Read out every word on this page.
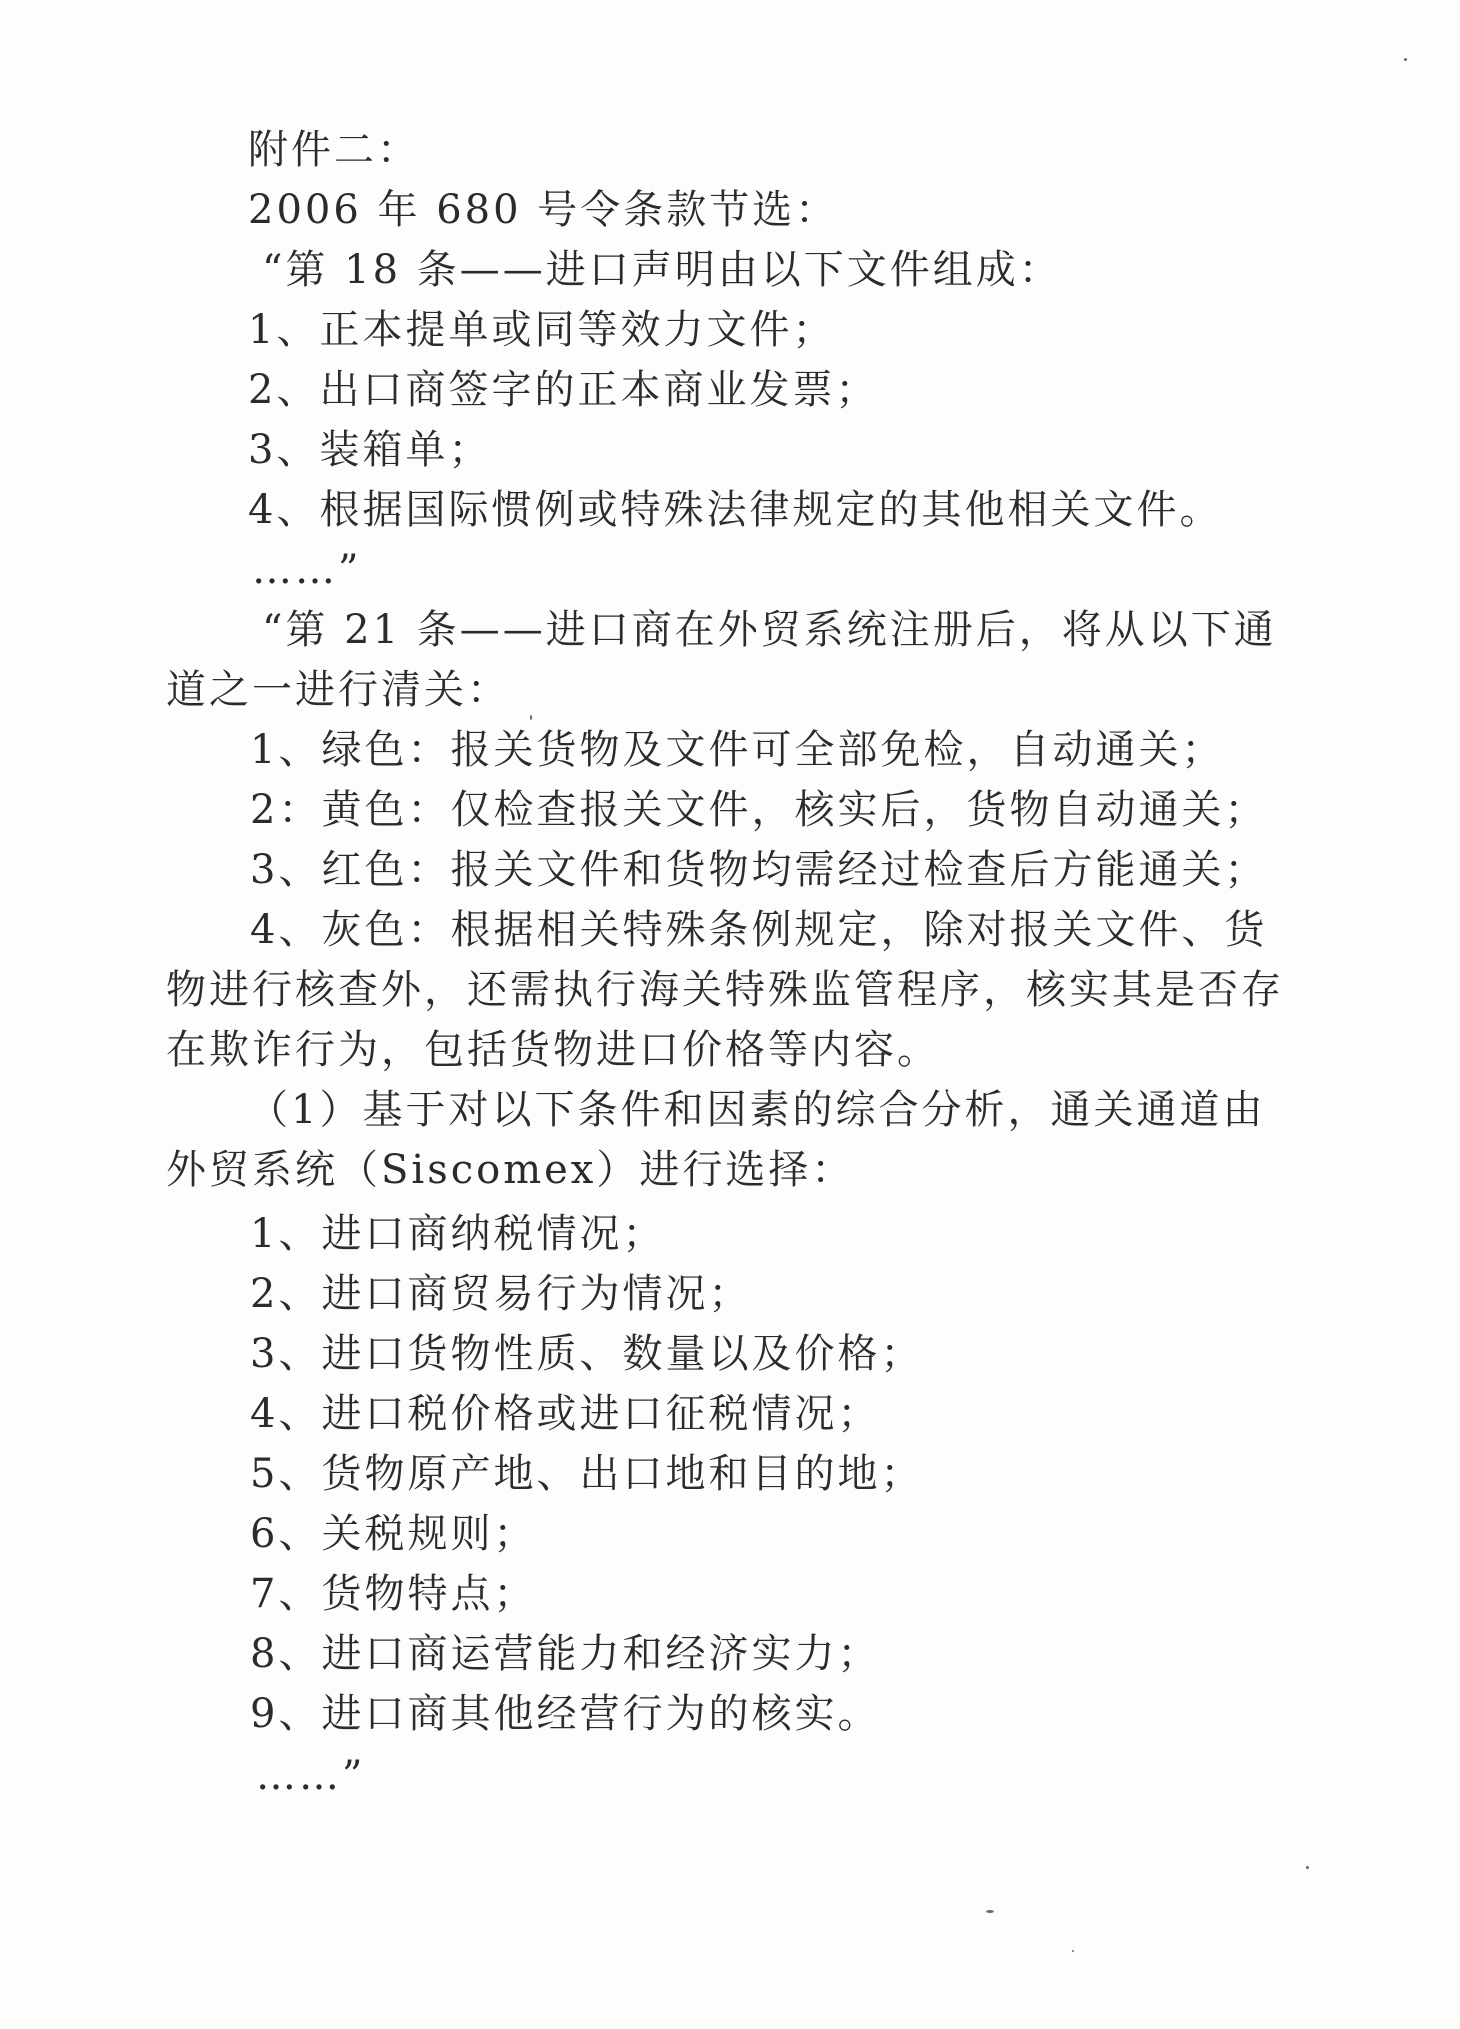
附件二：
2006 年 680 号令条款节选：
“第 18 条——进口声明由以下文件组成：
1、正本提单或同等效力文件；
2、出口商签字的正本商业发票；
3、装箱单；
4、根据国际惯例或特殊法律规定的其他相关文件。
……”
“第 21 条——进口商在外贸系统注册后，将从以下通
道之一进行清关：
1、绿色：报关货物及文件可全部免检，自动通关；
2：黄色：仅检查报关文件，核实后，货物自动通关；
3、红色：报关文件和货物均需经过检查后方能通关；
4、灰色：根据相关特殊条例规定，除对报关文件、货
物进行核查外，还需执行海关特殊监管程序，核实其是否存
在欺诈行为，包括货物进口价格等内容。
（1）基于对以下条件和因素的综合分析，通关通道由
外贸系统（Siscomex）进行选择：
1、进口商纳税情况；
2、进口商贸易行为情况；
3、进口货物性质、数量以及价格；
4、进口税价格或进口征税情况；
5、货物原产地、出口地和目的地；
6、关税规则；
7、货物特点；
8、进口商运营能力和经济实力；
9、进口商其他经营行为的核实。
……”
